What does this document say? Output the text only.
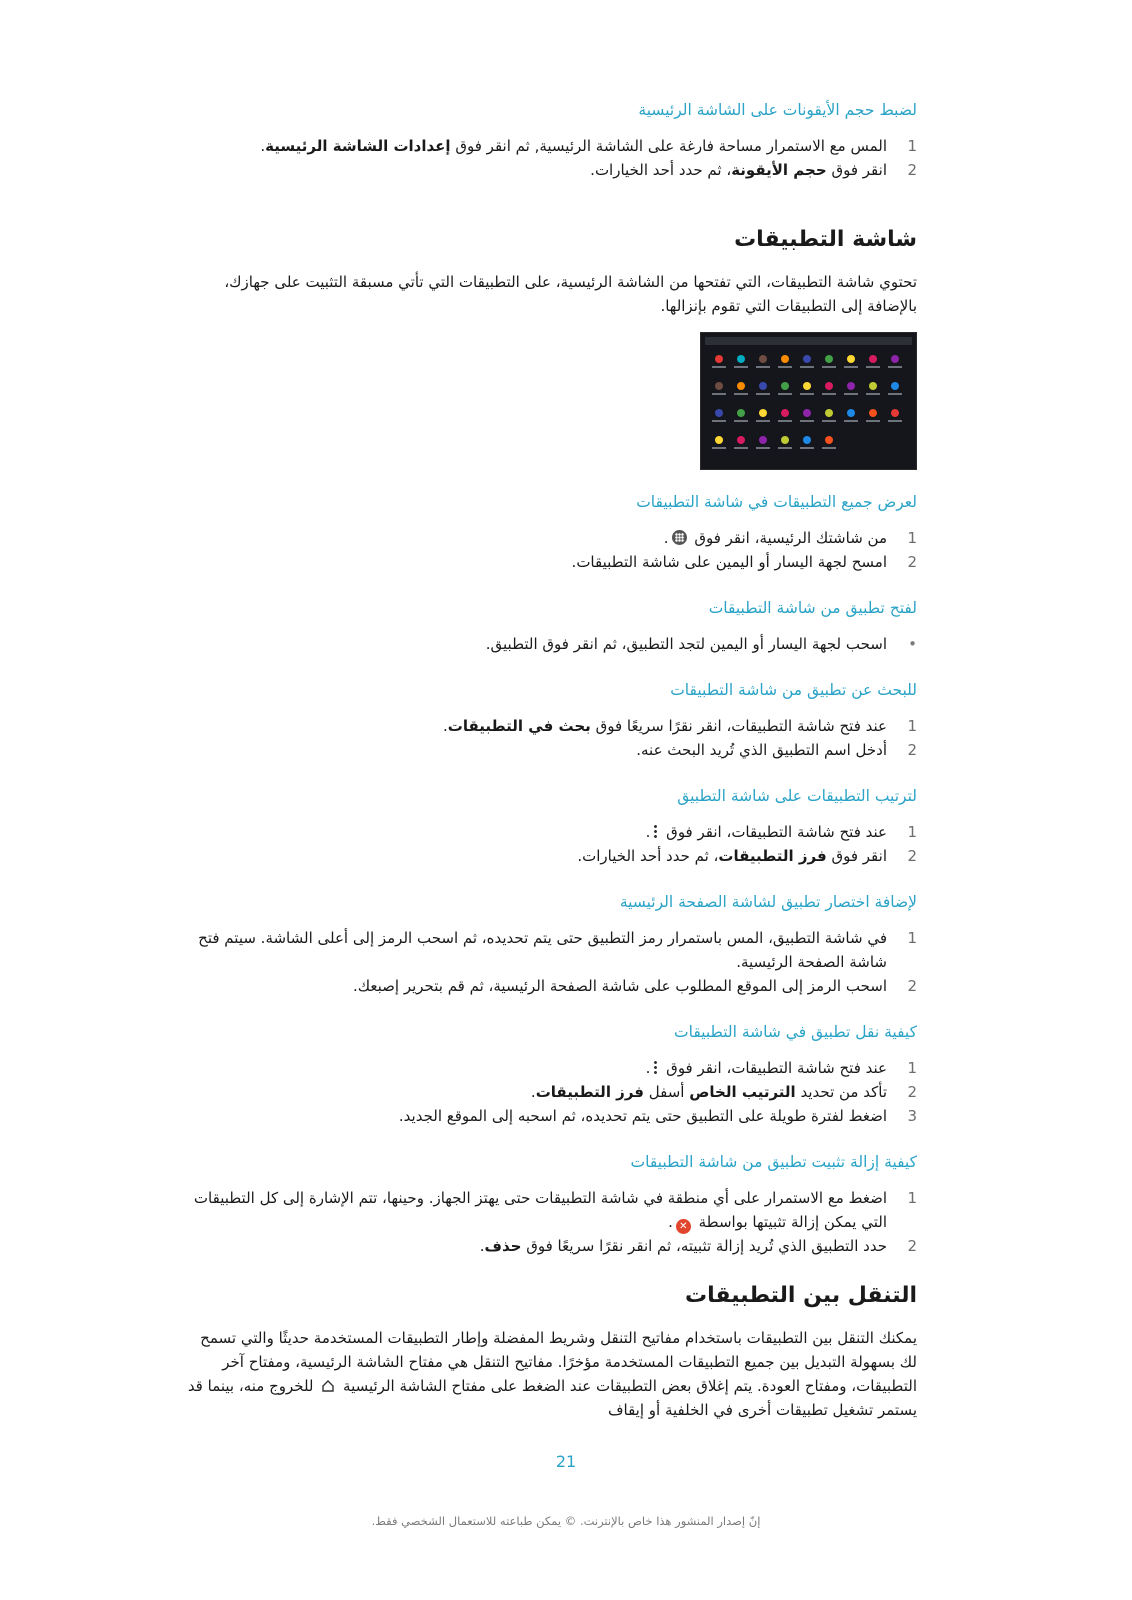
لضبط حجم الأيقونات على الشاشة الرئيسية
1
المس مع الاستمرار مساحة فارغة على الشاشة الرئيسية, ثم انقر فوق إعدادات الشاشة الرئيسية.
2
انقر فوق حجم الأيقونة، ثم حدد أحد الخيارات.
شاشة التطبيقات
تحتوي شاشة التطبيقات، التي تفتحها من الشاشة الرئيسية، على التطبيقات التي تأتي مسبقة التثبيت على جهازك، بالإضافة إلى التطبيقات التي تقوم بإنزالها.
لعرض جميع التطبيقات في شاشة التطبيقات
1
من شاشتك الرئيسية، انقر فوق .
2
امسح لجهة اليسار أو اليمين على شاشة التطبيقات.
لفتح تطبيق من شاشة التطبيقات
•
اسحب لجهة اليسار أو اليمين لتجد التطبيق، ثم انقر فوق التطبيق.
للبحث عن تطبيق من شاشة التطبيقات
1
عند فتح شاشة التطبيقات، انقر نقرًا سريعًا فوق بحث في التطبيقات.
2
أدخل اسم التطبيق الذي تُريد البحث عنه.
لترتيب التطبيقات على شاشة التطبيق
1
عند فتح شاشة التطبيقات، انقر فوق .
2
انقر فوق فرز التطبيقات، ثم حدد أحد الخيارات.
لإضافة اختصار تطبيق لشاشة الصفحة الرئيسية
1
في شاشة التطبيق، المس باستمرار رمز التطبيق حتى يتم تحديده، ثم اسحب الرمز إلى أعلى الشاشة. سيتم فتح شاشة الصفحة الرئيسية.
2
اسحب الرمز إلى الموقع المطلوب على شاشة الصفحة الرئيسية، ثم قم بتحرير إصبعك.
كيفية نقل تطبيق في شاشة التطبيقات
1
عند فتح شاشة التطبيقات، انقر فوق .
2
تأكد من تحديد الترتيب الخاص أسفل فرز التطبيقات.
3
اضغط لفترة طويلة على التطبيق حتى يتم تحديده، ثم اسحبه إلى الموقع الجديد.
كيفية إزالة تثبيت تطبيق من شاشة التطبيقات
1
اضغط مع الاستمرار على أي منطقة في شاشة التطبيقات حتى يهتز الجهاز. وحينها، تتم الإشارة إلى كل التطبيقات التي يمكن إزالة تثبيتها بواسطة ✕.
2
حدد التطبيق الذي تُريد إزالة تثبيته، ثم انقر نقرًا سريعًا فوق حذف.
التنقل بين التطبيقات
يمكنك التنقل بين التطبيقات باستخدام مفاتيح التنقل وشريط المفضلة وإطار التطبيقات المستخدمة حديثًا والتي تسمح لك بسهولة التبديل بين جميع التطبيقات المستخدمة مؤخرًا. مفاتيح التنقل هي مفتاح الشاشة الرئيسية، ومفتاح آخر التطبيقات، ومفتاح العودة. يتم إغلاق بعض التطبيقات عند الضغط على مفتاح الشاشة الرئيسية  للخروج منه، بينما قد يستمر تشغيل تطبيقات أخرى في الخلفية أو إيقاف
21
إنّ إصدار المنشور هذا خاص بالإنترنت. © يمكن طباعته للاستعمال الشخصي فقط.
